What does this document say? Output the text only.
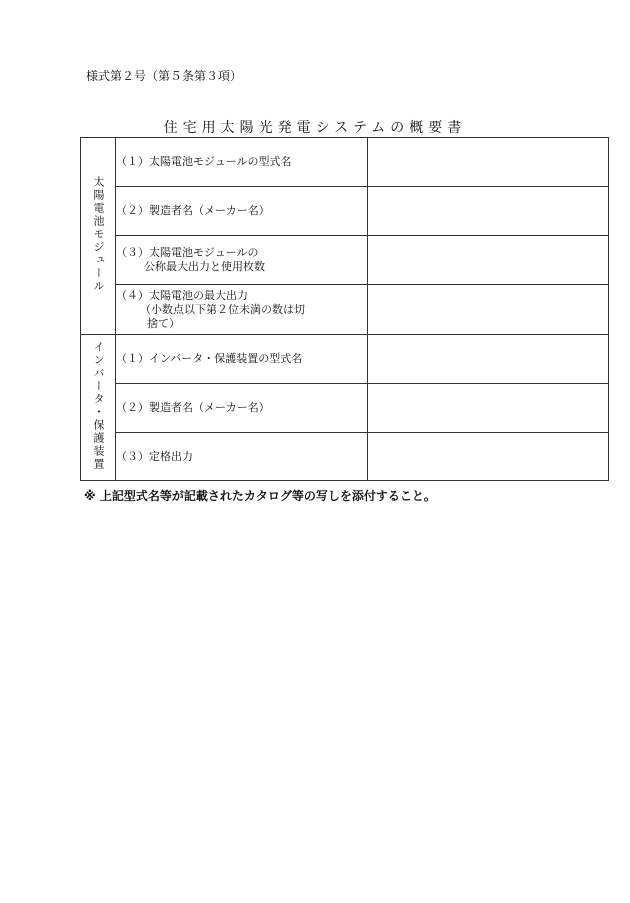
様式第２号（第５条第３項）
住宅用太陽光発電システムの概要書
太陽電池モジュール	（１）太陽電池モジュールの型式名	
	（２）製造者名（メーカー名）	

	（３）太陽電池モジュールの
公称最大出力と使用枚数	

	（４）太陽電池の最大出力
（小数点以下第２位未満の数は切
捨て）	

インバータ・保護装置	（１）インバータ・保護装置の型式名	
	（２）製造者名（メーカー名）	
	（３）定格出力	
※ 上記型式名等が記載されたカタログ等の写しを添付すること。
